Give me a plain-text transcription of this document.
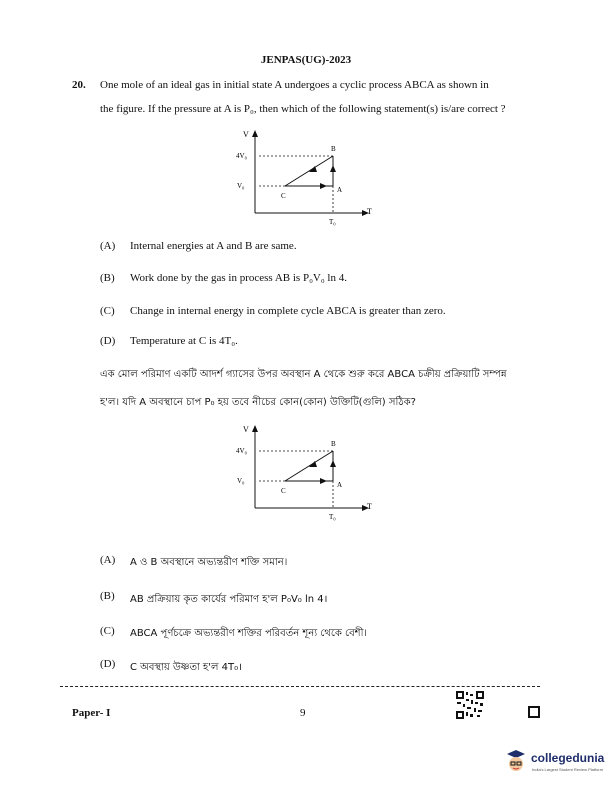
JENPAS(UG)-2023
20. One mole of an ideal gas in initial state A undergoes a cyclic process ABCA as shown in
the figure. If the pressure at A is P₀, then which of the following statement(s) is/are correct ?
V
T
4V₀
V₀
T₀
B
A
C
(A) Internal energies at A and B are same.
(B) Work done by the gas in process AB is P₀V₀ ln 4.
(C) Change in internal energy in complete cycle ABCA is greater than zero.
(D) Temperature at C is 4T₀.
এক মোল পরিমাণ একটি আদর্শ গ্যাসের উপর অবস্থান A থেকে শুরু করে ABCA চক্রীয় প্রক্রিয়াটি সম্পন্ন
হ'ল। যদি A অবস্থানে চাপ P₀ হয় তবে নীচের কোন(কোন) উক্তিটি(গুলি) সঠিক?
V
T
4V₀
V₀
T₀
B
A
C
(A) A ও B অবস্থানে অভ্যন্তরীণ শক্তি সমান।
(B) AB প্রক্রিয়ায় কৃত কার্যের পরিমাণ হ'ল P₀V₀ ln 4।
(C) ABCA পূর্ণচক্রে অভ্যন্তরীণ শক্তির পরিবর্তন শূন্য থেকে বেশী।
(D) C অবস্থায় উষ্ণতা হ'ল 4T₀।
Paper- I	9
collegedunia
India's Largest Student Review Platform
